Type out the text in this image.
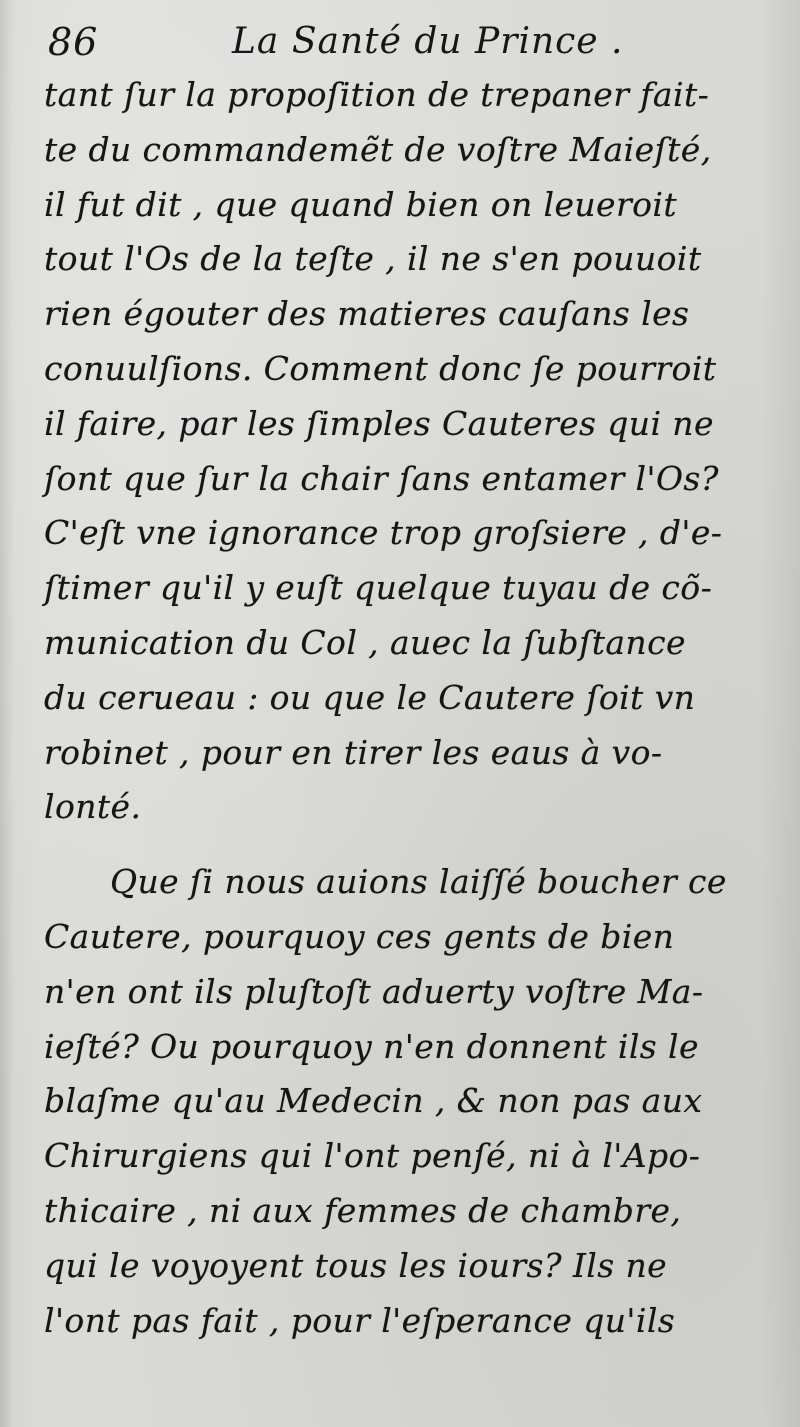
86	La Santé du Prince .
tant ſur la propoſition de trepaner fait-
te du commandemẽt de voſtre Maieſté,
il fut dit , que quand bien on leueroit
tout l'Os de la teſte , il ne s'en pouuoit
rien égouter des matieres cauſans les
conuulſions. Comment donc ſe pourroit
il faire, par les ſimples Cauteres qui ne
ſont que ſur la chair ſans entamer l'Os?
C'eſt vne ignorance trop groſsiere , d'e-
ſtimer qu'il y euſt quelque tuyau de cõ-
munication du Col , auec la ſubſtance
du cerueau : ou que le Cautere ſoit vn
robinet , pour en tirer les eaus à vo-
lonté.
Que ſi nous auions laiſſé boucher ce
Cautere, pourquoy ces gents de bien
n'en ont ils pluſtoſt aduerty voſtre Ma-
ieſté? Ou pourquoy n'en donnent ils le
blaſme qu'au Medecin , & non pas aux
Chirurgiens qui l'ont penſé, ni à l'Apo-
thicaire , ni aux femmes de chambre,
qui le voyoyent tous les iours? Ils ne
l'ont pas fait , pour l'eſperance qu'ils
